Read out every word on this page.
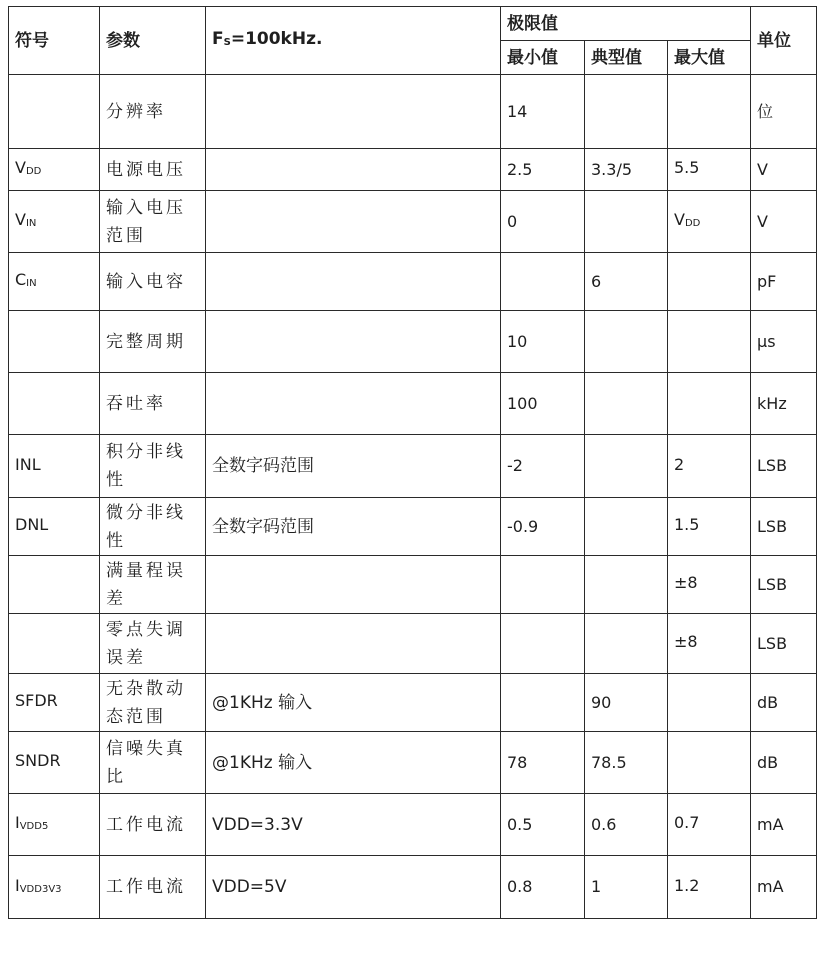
符号	参数	FS=100kHz.	极限值			单位
			最小值	典型值	最大值	
	分辨率		14			位
VDD	电源电压		2.5	3.3/5	5.5	V
VIN	输入电压范围		0		VDD	V
CIN	输入电容			6		pF
	完整周期		10			μs
	吞吐率		100			kHz
INL	积分非线性	全数字码范围	-2		2	LSB
DNL	微分非线性	全数字码范围	-0.9		1.5	LSB
	满量程误差				±8	LSB
	零点失调误差				±8	LSB
SFDR	无杂散动态范围	@1KHz 输入		90		dB
SNDR	信噪失真比	@1KHz 输入	78	78.5		dB
IVDD5	工作电流	VDD=3.3V	0.5	0.6	0.7	mA
IVDD3V3	工作电流	VDD=5V	0.8	1	1.2	mA
